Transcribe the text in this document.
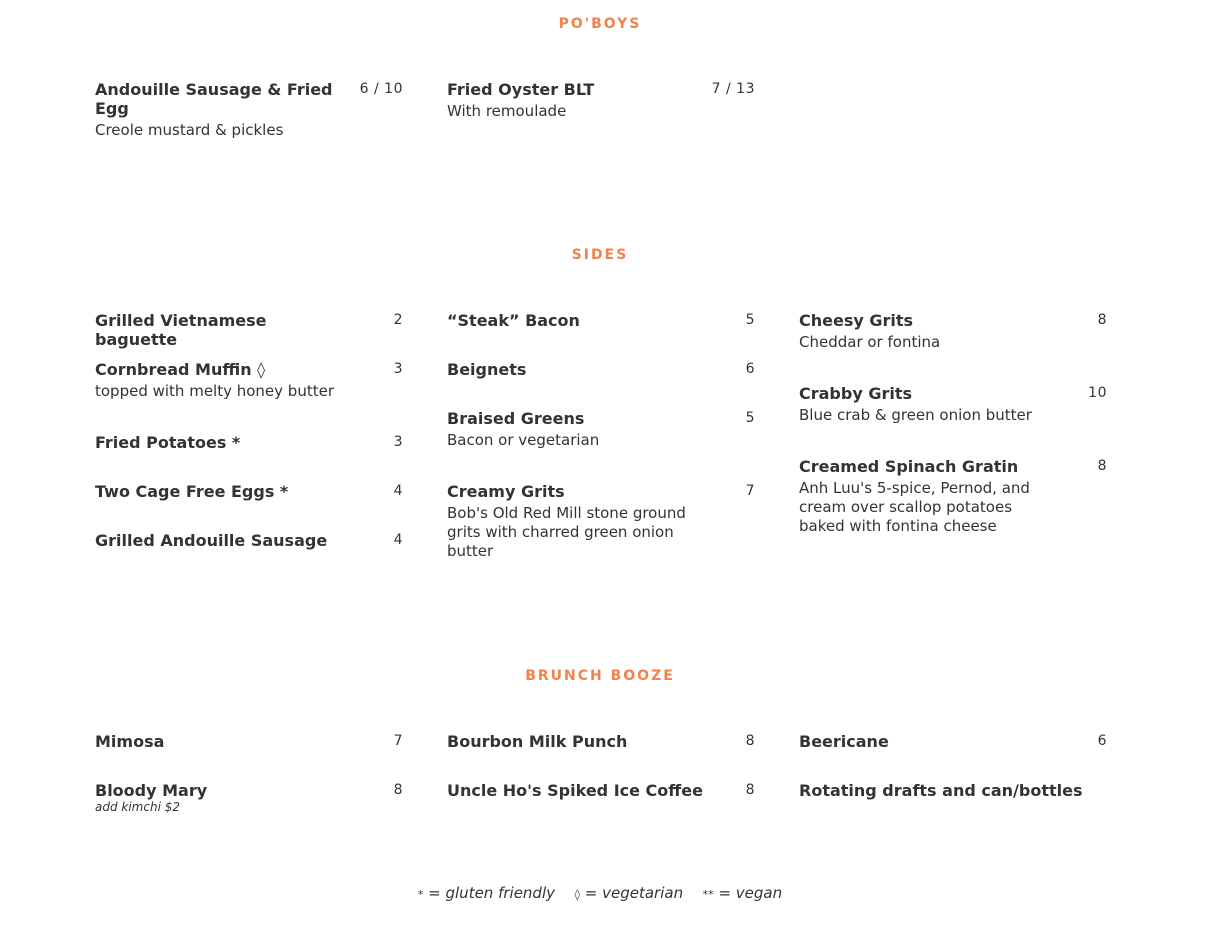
PO'BOYS
Andouille Sausage & Fried Egg
6 / 10
Creole mustard & pickles
Fried Oyster BLT	7 / 13
With remoulade
SIDES
Grilled Vietnamese baguette
2
Cornbread Muffin ◊	3
topped with melty honey butter
Fried Potatoes *	3
Two Cage Free Eggs *	4
Grilled Andouille Sausage	4
“Steak” Bacon	5
Beignets	6
Braised Greens	5
Bacon or vegetarian
Creamy Grits	7
Bob's Old Red Mill stone ground grits with charred green onion butter
Cheesy Grits	8
Cheddar or fontina
Crabby Grits	10
Blue crab & green onion butter
Creamed Spinach Gratin	8
Anh Luu's 5-spice, Pernod, and cream over scallop potatoes baked with fontina cheese
BRUNCH BOOZE
Mimosa	7
Bloody Mary	8
add kimchi $2
Bourbon Milk Punch	8
Uncle Ho's Spiked Ice Coffee	8
Beericane	6
Rotating drafts and can/bottles
* = gluten friendly ◊ = vegetarian ** = vegan
